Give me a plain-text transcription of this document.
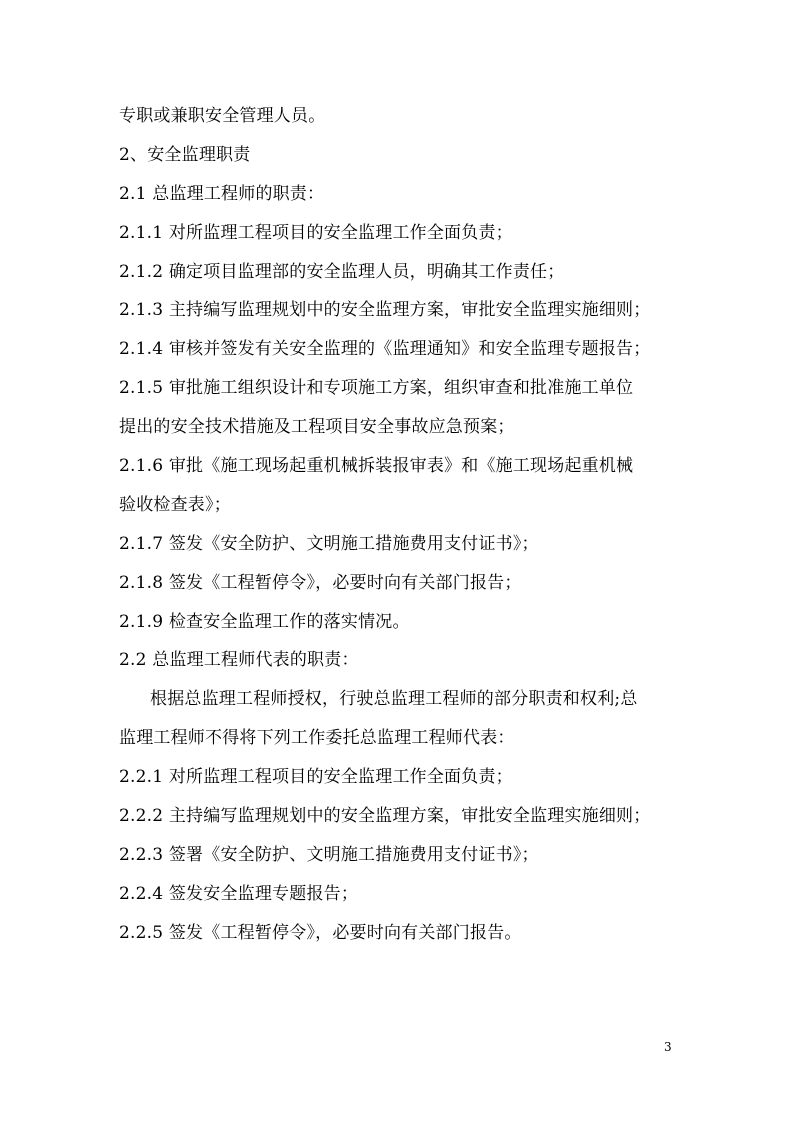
专职或兼职安全管理人员。
2、安全监理职责
2.1 总监理工程师的职责：
2.1.1 对所监理工程项目的安全监理工作全面负责；
2.1.2 确定项目监理部的安全监理人员，明确其工作责任；
2.1.3 主持编写监理规划中的安全监理方案，审批安全监理实施细则；
2.1.4 审核并签发有关安全监理的《监理通知》和安全监理专题报告；
2.1.5 审批施工组织设计和专项施工方案，组织审查和批准施工单位
提出的安全技术措施及工程项目安全事故应急预案；
2.1.6 审批《施工现场起重机械拆装报审表》和《施工现场起重机械
验收检查表》；
2.1.7 签发《安全防护、文明施工措施费用支付证书》；
2.1.8 签发《工程暂停令》，必要时向有关部门报告；
2.1.9 检查安全监理工作的落实情况。
2.2 总监理工程师代表的职责：
根据总监理工程师授权，行驶总监理工程师的部分职责和权利;总
监理工程师不得将下列工作委托总监理工程师代表：
2.2.1 对所监理工程项目的安全监理工作全面负责；
2.2.2 主持编写监理规划中的安全监理方案，审批安全监理实施细则；
2.2.3 签署《安全防护、文明施工措施费用支付证书》；
2.2.4 签发安全监理专题报告；
2.2.5 签发《工程暂停令》，必要时向有关部门报告。
3
